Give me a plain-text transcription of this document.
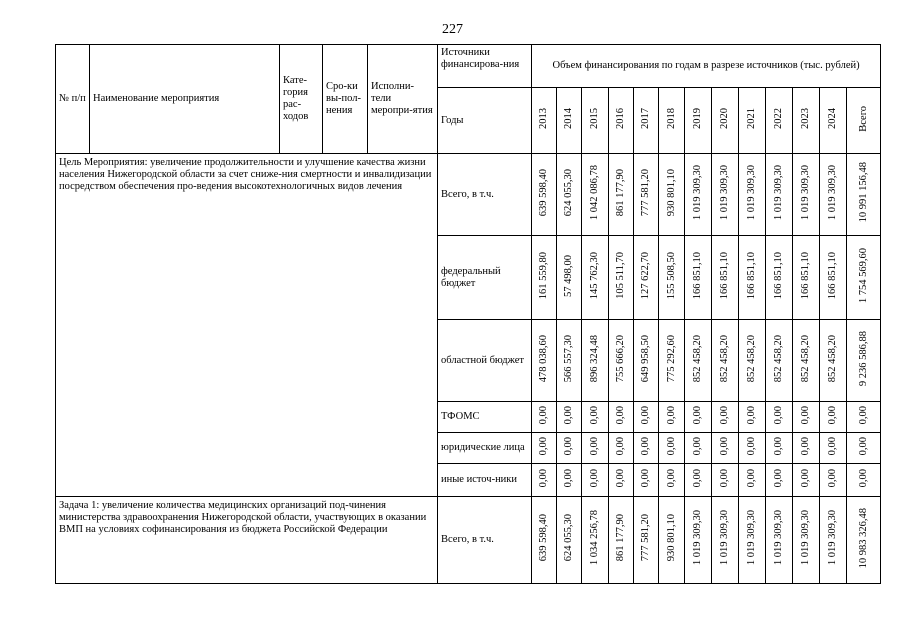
227
№ п/п	Наименование мероприятия	Кате-гория рас-ходов	Сро-ки вы-пол-нения	Исполни-тели меропри-ятия	Источники финансирова-ния	Объем финансирования по годам в разрезе источников (тыс. рублей)												
					Годы	2013	2014	2015	2016	2017	2018	2019	2020	2021	2022	2023	2024	Всего
Цель Мероприятия: увеличение продолжительности и улучшение качества жизни населения Нижегородской области за счет сниже-ния смертности и инвалидизации посредством обеспечения про-ведения высокотехнологичных видов лечения					Всего, в т.ч.	639 598,40	624 055,30	1 042 086,78	861 177,90	777 581,20	930 801,10	1 019 309,30	1 019 309,30	1 019 309,30	1 019 309,30	1 019 309,30	1 019 309,30	10 991 156,48
					федеральный бюджет	161 559,80	57 498,00	145 762,30	105 511,70	127 622,70	155 508,50	166 851,10	166 851,10	166 851,10	166 851,10	166 851,10	166 851,10	1 754 569,60
					областной бюджет	478 038,60	566 557,30	896 324,48	755 666,20	649 958,50	775 292,60	852 458,20	852 458,20	852 458,20	852 458,20	852 458,20	852 458,20	9 236 586,88
					ТФОМС	0,00	0,00	0,00	0,00	0,00	0,00	0,00	0,00	0,00	0,00	0,00	0,00	0,00
					юридические лица	0,00	0,00	0,00	0,00	0,00	0,00	0,00	0,00	0,00	0,00	0,00	0,00	0,00
					иные источ-ники	0,00	0,00	0,00	0,00	0,00	0,00	0,00	0,00	0,00	0,00	0,00	0,00	0,00
Задача 1: увеличение количества медицинских организаций под-чинения министерства здравоохранения Нижегородской области, участвующих в оказании ВМП на условиях софинансирования из бюджета Российской Федерации					Всего, в т.ч.	639 598,40	624 055,30	1 034 256,78	861 177,90	777 581,20	930 801,10	1 019 309,30	1 019 309,30	1 019 309,30	1 019 309,30	1 019 309,30	1 019 309,30	10 983 326,48
